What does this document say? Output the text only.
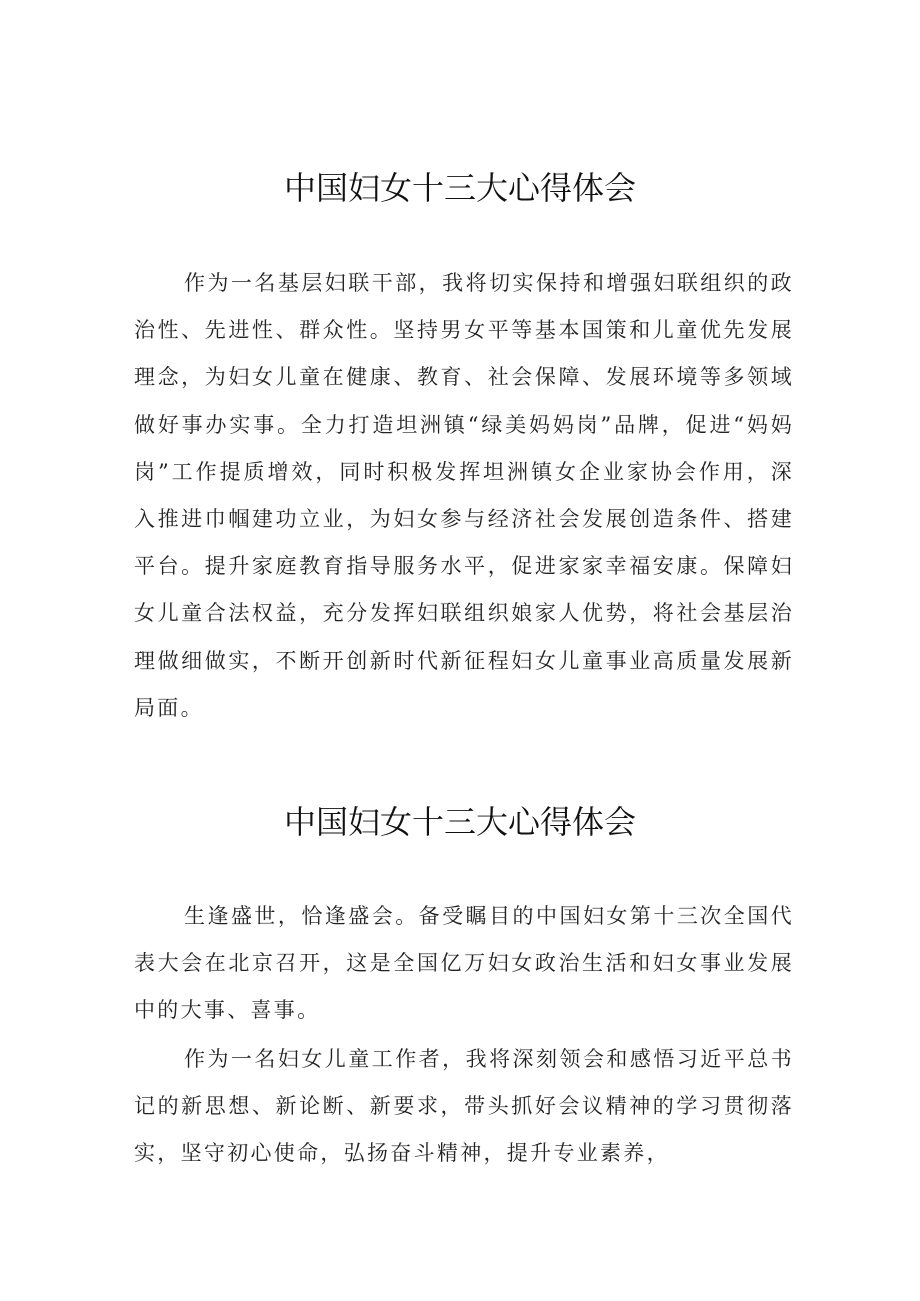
中国妇女十三大心得体会

作为一名基层妇联干部，我将切实保持和增强妇联组织的政治性、先进性、群众性。坚持男女平等基本国策和儿童优先发展理念，为妇女儿童在健康、教育、社会保障、发展环境等多领域做好事办实事。全力打造坦洲镇“绿美妈妈岗”品牌，促进“妈妈岗”工作提质增效，同时积极发挥坦洲镇女企业家协会作用，深入推进巾帼建功立业，为妇女参与经济社会发展创造条件、搭建平台。提升家庭教育指导服务水平，促进家家幸福安康。保障妇女儿童合法权益，充分发挥妇联组织娘家人优势，将社会基层治理做细做实，不断开创新时代新征程妇女儿童事业高质量发展新局面。

中国妇女十三大心得体会

生逢盛世，恰逢盛会。备受瞩目的中国妇女第十三次全国代表大会在北京召开，这是全国亿万妇女政治生活和妇女事业发展中的大事、喜事。

作为一名妇女儿童工作者，我将深刻领会和感悟习近平总书记的新思想、新论断、新要求，带头抓好会议精神的学习贯彻落实，坚守初心使命，弘扬奋斗精神，提升专业素养，
